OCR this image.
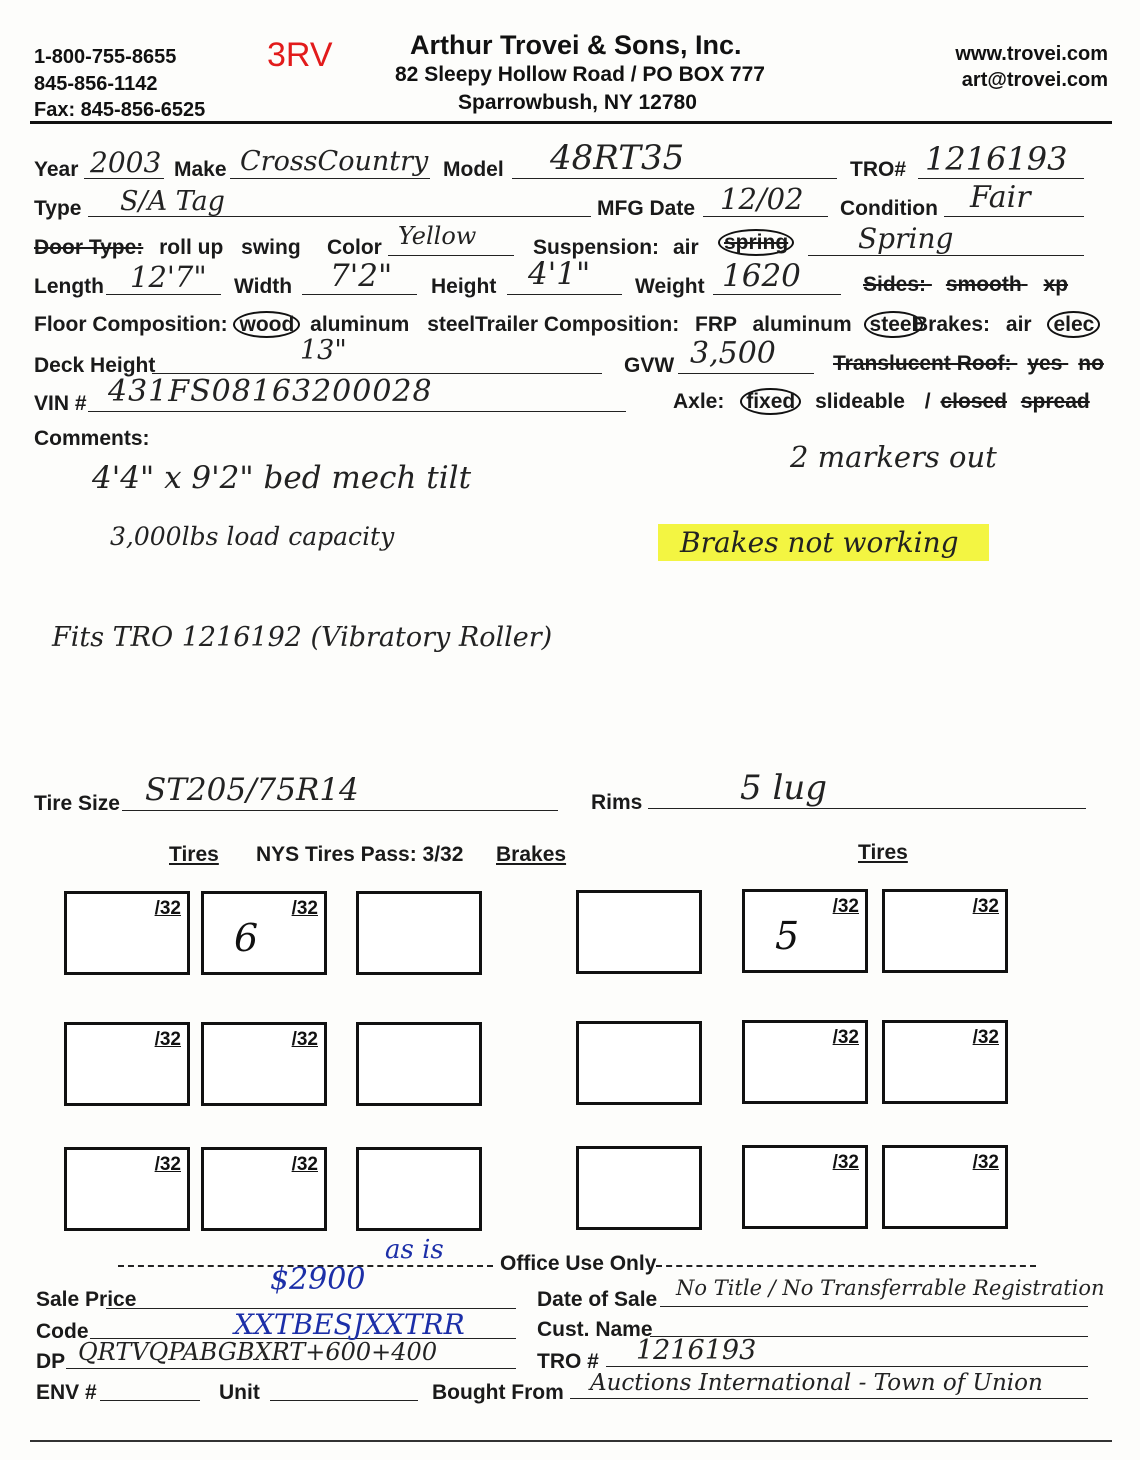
1-800-755-8655
845-856-1142
Fax: 845-856-6525
3RV	Arthur Trovei & Sons, Inc.
82 Sleepy Hollow Road / PO BOX 777
Sparrowbush, NY 12780
www.trovei.com
art@trovei.com
Year 2003 Make CrossCountry Model 48RT35	TRO# 1216193
Type S/A Tag	MFG Date 12/02 Condition Fair
Door Type: roll up swing Color Yellow	Suspension: air spring Spring
Length 12'7" Width 7'2" Height 4'1" Weight 1620	Sides: smooth xp
Floor Composition: wood aluminum steel Trailer Composition: FRP aluminum steel
Brakes: air elec
Deck Height	13"	GVW 3,500	Translucent Roof: yes no
VIN # 431FS08163200028	Axle: fixed slideable / closed spread
Comments:
4'4" x 9'2" bed mech tilt
3,000lbs load capacity
2 markers out
Brakes not working
Fits TRO 1216192 (Vibratory Roller)
Tire Size ST205/75R14	Rims	5 lug
Tires NYS Tires Pass: 3/32 Brakes	Tires
/32	/32
6
/32
5
/32
/32	/32	/32	/32
/32	/32	/32	/32
Office Use Only
as is
Sale Price
$2900
Date of Sale No Title / No Transferrable Registration
Code	XXTBESJXXTRR	Cust. Name
DP QRTVQPABGBXRT+600+400	TRO # 1216193
ENV #	Unit	Bought From Auctions International - Town of Union
